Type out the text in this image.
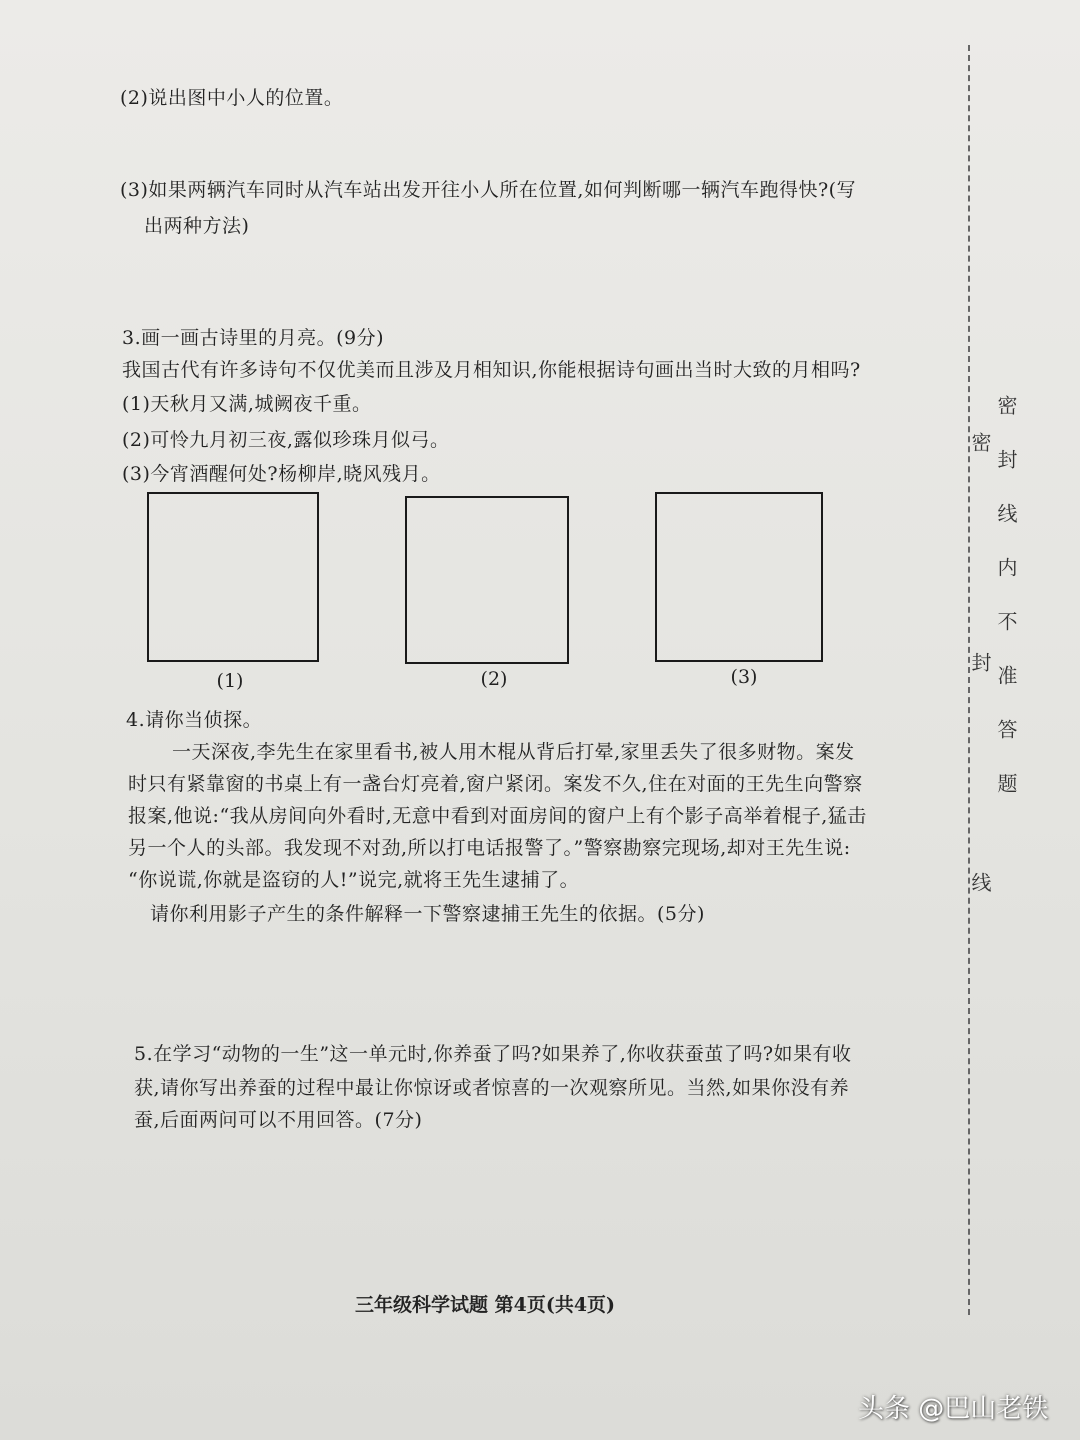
(2)说出图中小人的位置。
(3)如果两辆汽车同时从汽车站出发开往小人所在位置,如何判断哪一辆汽车跑得快?(写
出两种方法)
3.画一画古诗里的月亮。(9分)
我国古代有许多诗句不仅优美而且涉及月相知识,你能根据诗句画出当时大致的月相吗?
(1)天秋月又满,城阙夜千重。
(2)可怜九月初三夜,露似珍珠月似弓。
(3)今宵酒醒何处?杨柳岸,晓风残月。
(1)	(2)	(3)
4.请你当侦探。
一天深夜,李先生在家里看书,被人用木棍从背后打晕,家里丢失了很多财物。案发
时只有紧靠窗的书桌上有一盏台灯亮着,窗户紧闭。案发不久,住在对面的王先生向警察
报案,他说:“我从房间向外看时,无意中看到对面房间的窗户上有个影子高举着棍子,猛击
另一个人的头部。我发现不对劲,所以打电话报警了。”警察勘察完现场,却对王先生说:
“你说谎,你就是盗窃的人!”说完,就将王先生逮捕了。
请你利用影子产生的条件解释一下警察逮捕王先生的依据。(5分)
5.在学习“动物的一生”这一单元时,你养蚕了吗?如果养了,你收获蚕茧了吗?如果有收
获,请你写出养蚕的过程中最让你惊讶或者惊喜的一次观察所见。当然,如果你没有养
蚕,后面两问可以不用回答。(7分)
密封线内不准答题
密封线
三年级科学试题 第4页(共4页)
头条 @巴山老铁
